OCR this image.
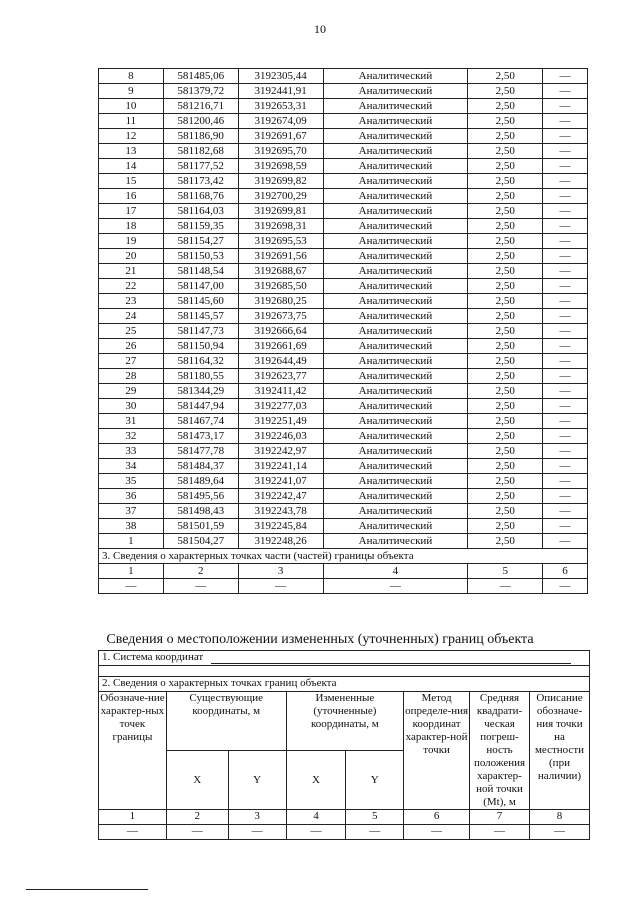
10
8	581485,06	3192305,44	Аналитический	2,50	—
9	581379,72	3192441,91	Аналитический	2,50	—
10	581216,71	3192653,31	Аналитический	2,50	—
11	581200,46	3192674,09	Аналитический	2,50	—
12	581186,90	3192691,67	Аналитический	2,50	—
13	581182,68	3192695,70	Аналитический	2,50	—
14	581177,52	3192698,59	Аналитический	2,50	—
15	581173,42	3192699,82	Аналитический	2,50	—
16	581168,76	3192700,29	Аналитический	2,50	—
17	581164,03	3192699,81	Аналитический	2,50	—
18	581159,35	3192698,31	Аналитический	2,50	—
19	581154,27	3192695,53	Аналитический	2,50	—
20	581150,53	3192691,56	Аналитический	2,50	—
21	581148,54	3192688,67	Аналитический	2,50	—
22	581147,00	3192685,50	Аналитический	2,50	—
23	581145,60	3192680,25	Аналитический	2,50	—
24	581145,57	3192673,75	Аналитический	2,50	—
25	581147,73	3192666,64	Аналитический	2,50	—
26	581150,94	3192661,69	Аналитический	2,50	—
27	581164,32	3192644,49	Аналитический	2,50	—
28	581180,55	3192623,77	Аналитический	2,50	—
29	581344,29	3192411,42	Аналитический	2,50	—
30	581447,94	3192277,03	Аналитический	2,50	—
31	581467,74	3192251,49	Аналитический	2,50	—
32	581473,17	3192246,03	Аналитический	2,50	—
33	581477,78	3192242,97	Аналитический	2,50	—
34	581484,37	3192241,14	Аналитический	2,50	—
35	581489,64	3192241,07	Аналитический	2,50	—
36	581495,56	3192242,47	Аналитический	2,50	—
37	581498,43	3192243,78	Аналитический	2,50	—
38	581501,59	3192245,84	Аналитический	2,50	—
1	581504,27	3192248,26	Аналитический	2,50	—
3. Сведения о характерных точках части (частей) границы объекта					
1	2	3	4	5	6
—	—	—	—	—	—
Сведения о местоположении измененных (уточненных) границ объекта
1. Система координат							

2. Сведения о характерных точках границ объекта							
Обозначе-ние характер-ных точек границы	Существующие координаты, м		Измененные (уточненные) координаты, м		Метод определе-ния координат характер-ной точки	Средняя квадрати-ческая погреш-ность положения характер-ной точки (Mt), м	Описание обозначе-ния точки на местности (при наличии)
	X	Y	X	Y			
1	2	3	4	5	6	7	8
—	—	—	—	—	—	—	—
